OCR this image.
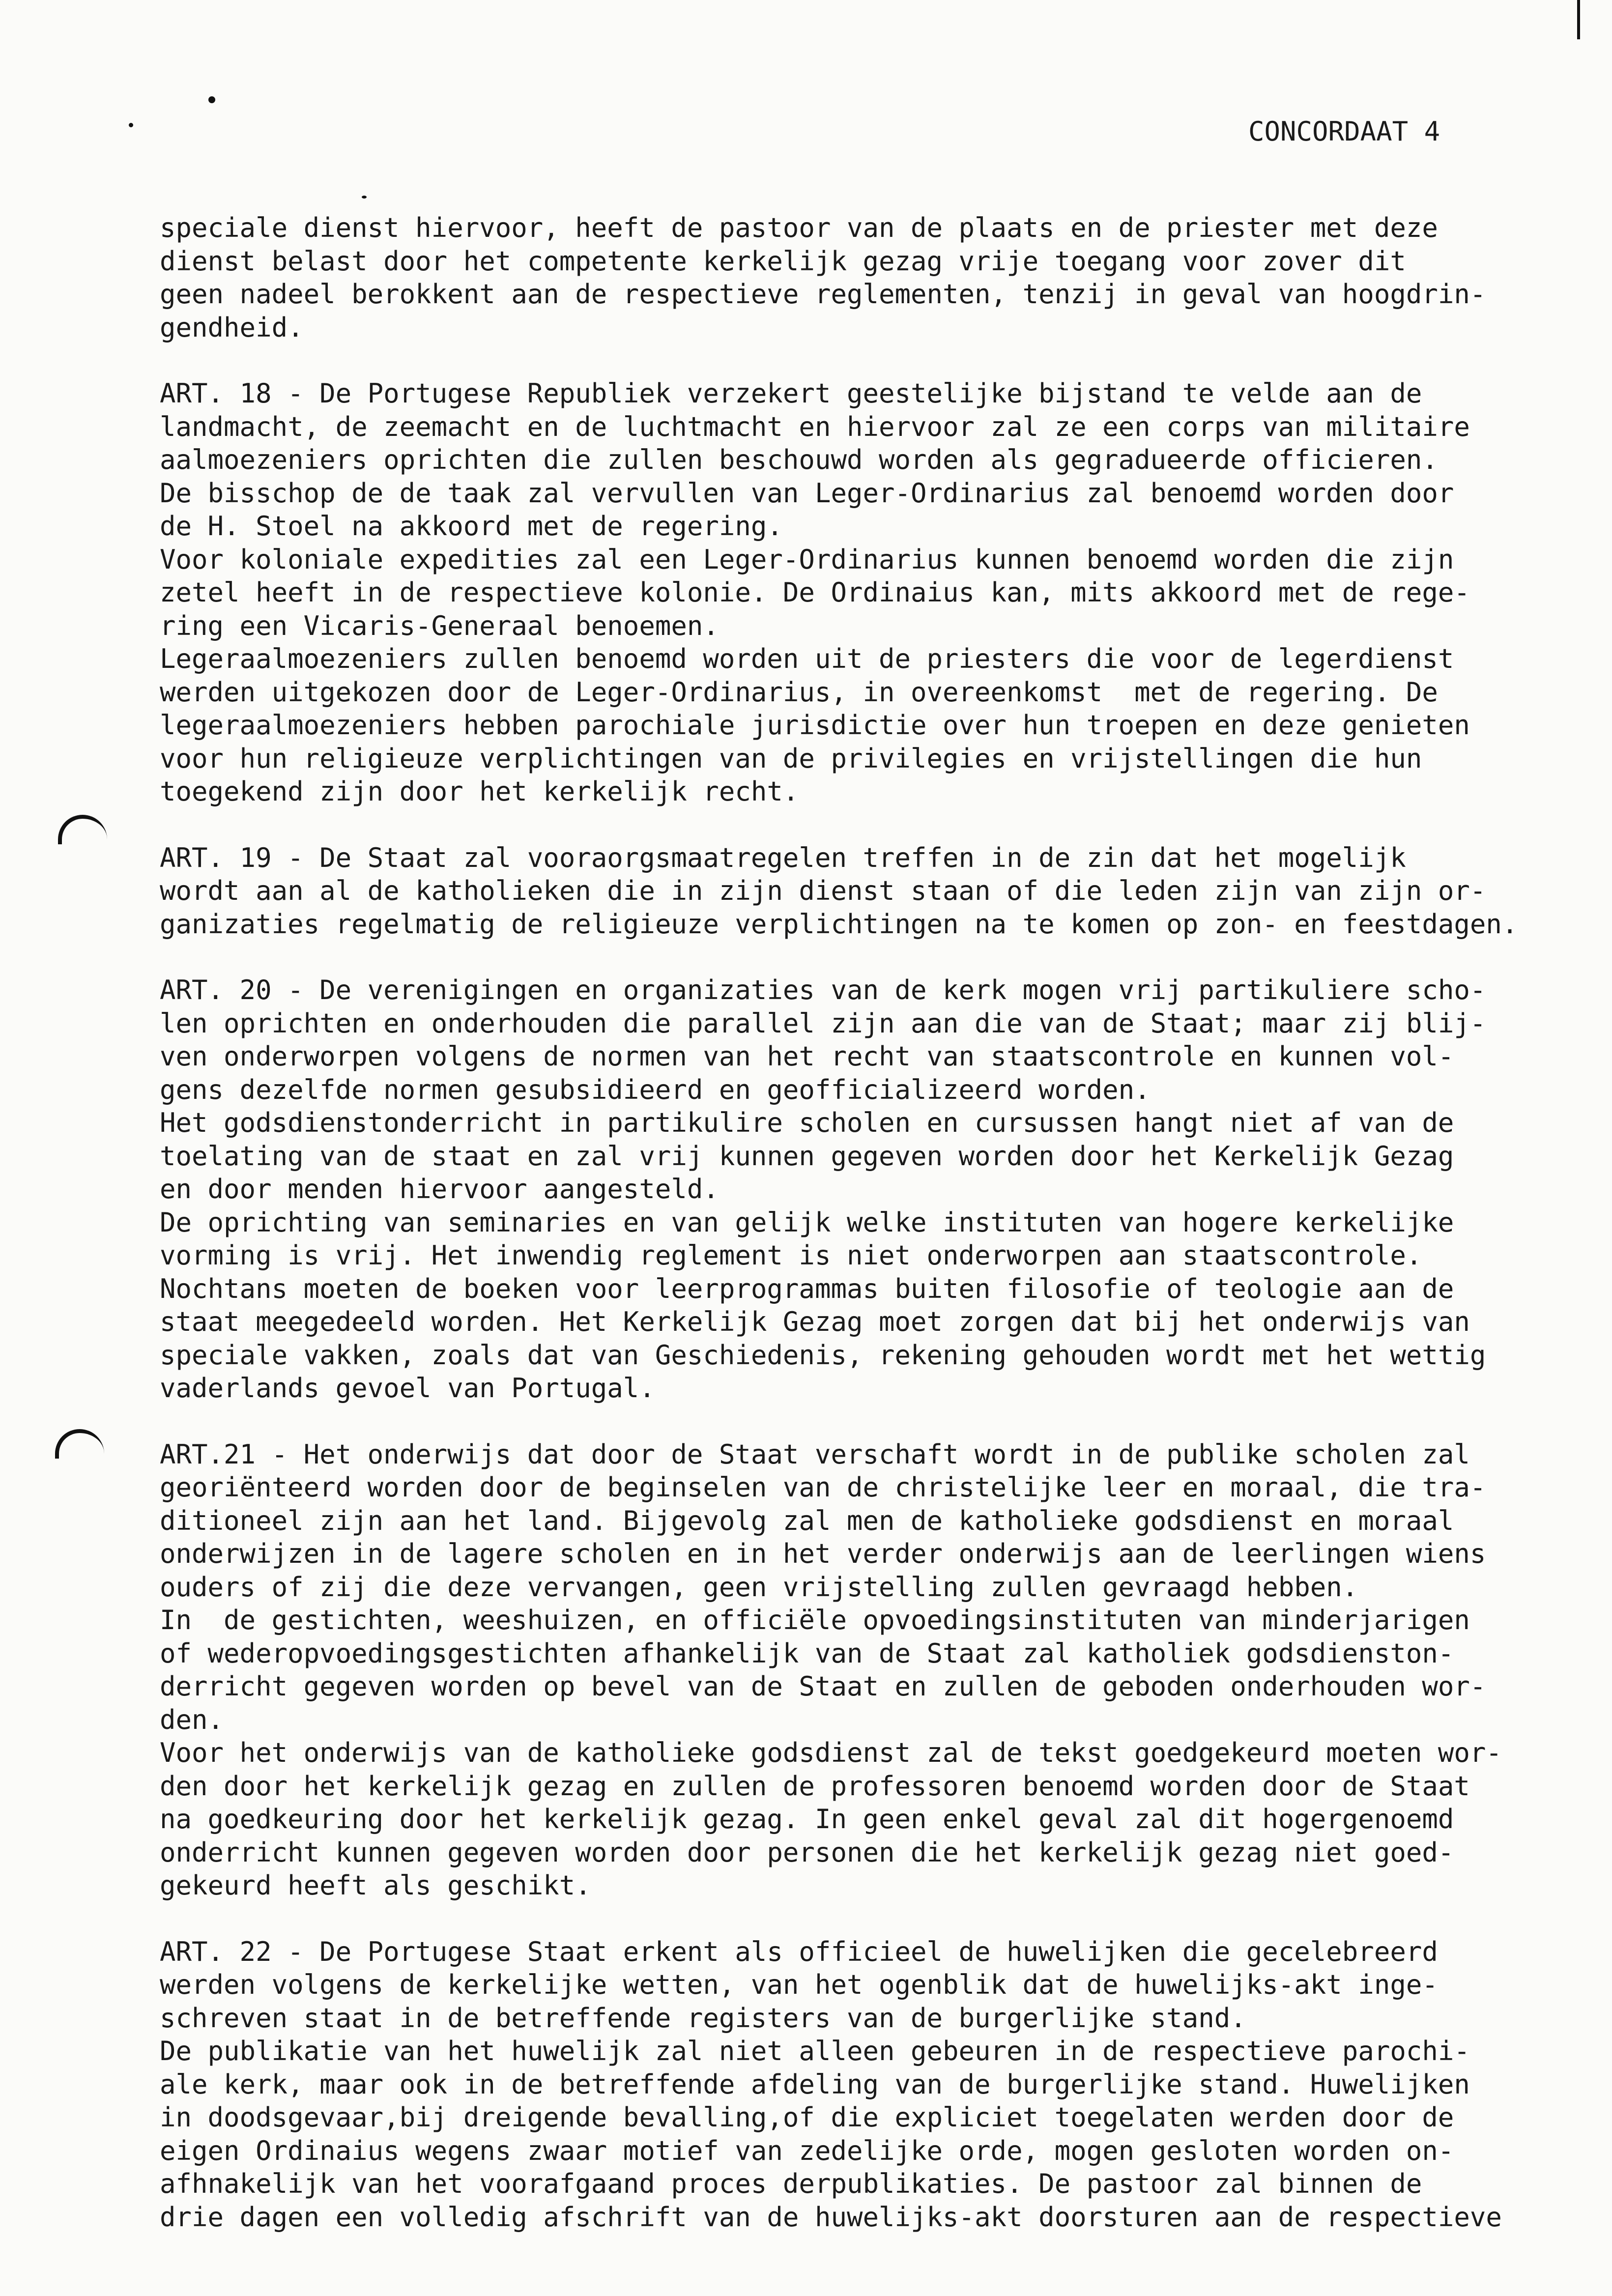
CONCORDAAT 4
speciale dienst hiervoor, heeft de pastoor van de plaats en de priester met deze
dienst belast door het competente kerkelijk gezag vrije toegang voor zover dit
geen nadeel berokkent aan de respectieve reglementen, tenzij in geval van hoogdrin-
gendheid.
ART. 18 - De Portugese Republiek verzekert geestelijke bijstand te velde aan de
landmacht, de zeemacht en de luchtmacht en hiervoor zal ze een corps van militaire
aalmoezeniers oprichten die zullen beschouwd worden als gegradueerde officieren.
De bisschop de de taak zal vervullen van Leger-Ordinarius zal benoemd worden door
de H. Stoel na akkoord met de regering.
Voor koloniale expedities zal een Leger-Ordinarius kunnen benoemd worden die zijn
zetel heeft in de respectieve kolonie. De Ordinaius kan, mits akkoord met de rege-
ring een Vicaris-Generaal benoemen.
Legeraalmoezeniers zullen benoemd worden uit de priesters die voor de legerdienst
werden uitgekozen door de Leger-Ordinarius, in overeenkomst  met de regering. De
legeraalmoezeniers hebben parochiale jurisdictie over hun troepen en deze genieten
voor hun religieuze verplichtingen van de privilegies en vrijstellingen die hun
toegekend zijn door het kerkelijk recht.
ART. 19 - De Staat zal vooraorgsmaatregelen treffen in de zin dat het mogelijk
wordt aan al de katholieken die in zijn dienst staan of die leden zijn van zijn or-
ganizaties regelmatig de religieuze verplichtingen na te komen op zon- en feestdagen.
ART. 20 - De verenigingen en organizaties van de kerk mogen vrij partikuliere scho-
len oprichten en onderhouden die parallel zijn aan die van de Staat; maar zij blij-
ven onderworpen volgens de normen van het recht van staatscontrole en kunnen vol-
gens dezelfde normen gesubsidieerd en geofficializeerd worden.
Het godsdienstonderricht in partikulire scholen en cursussen hangt niet af van de
toelating van de staat en zal vrij kunnen gegeven worden door het Kerkelijk Gezag
en door menden hiervoor aangesteld.
De oprichting van seminaries en van gelijk welke instituten van hogere kerkelijke
vorming is vrij. Het inwendig reglement is niet onderworpen aan staatscontrole.
Nochtans moeten de boeken voor leerprogrammas buiten filosofie of teologie aan de
staat meegedeeld worden. Het Kerkelijk Gezag moet zorgen dat bij het onderwijs van
speciale vakken, zoals dat van Geschiedenis, rekening gehouden wordt met het wettig
vaderlands gevoel van Portugal.
ART.21 - Het onderwijs dat door de Staat verschaft wordt in de publike scholen zal
georiënteerd worden door de beginselen van de christelijke leer en moraal, die tra-
ditioneel zijn aan het land. Bijgevolg zal men de katholieke godsdienst en moraal
onderwijzen in de lagere scholen en in het verder onderwijs aan de leerlingen wiens
ouders of zij die deze vervangen, geen vrijstelling zullen gevraagd hebben.
In  de gestichten, weeshuizen, en officiële opvoedingsinstituten van minderjarigen
of wederopvoedingsgestichten afhankelijk van de Staat zal katholiek godsdienston-
derricht gegeven worden op bevel van de Staat en zullen de geboden onderhouden wor-
den.
Voor het onderwijs van de katholieke godsdienst zal de tekst goedgekeurd moeten wor-
den door het kerkelijk gezag en zullen de professoren benoemd worden door de Staat
na goedkeuring door het kerkelijk gezag. In geen enkel geval zal dit hogergenoemd
onderricht kunnen gegeven worden door personen die het kerkelijk gezag niet goed-
gekeurd heeft als geschikt.
ART. 22 - De Portugese Staat erkent als officieel de huwelijken die gecelebreerd
werden volgens de kerkelijke wetten, van het ogenblik dat de huwelijks-akt inge-
schreven staat in de betreffende registers van de burgerlijke stand.
De publikatie van het huwelijk zal niet alleen gebeuren in de respectieve parochi-
ale kerk, maar ook in de betreffende afdeling van de burgerlijke stand. Huwelijken
in doodsgevaar,bij dreigende bevalling,of die expliciet toegelaten werden door de
eigen Ordinaius wegens zwaar motief van zedelijke orde, mogen gesloten worden on-
afhnakelijk van het voorafgaand proces derpublikaties. De pastoor zal binnen de
drie dagen een volledig afschrift van de huwelijks-akt doorsturen aan de respectieve
